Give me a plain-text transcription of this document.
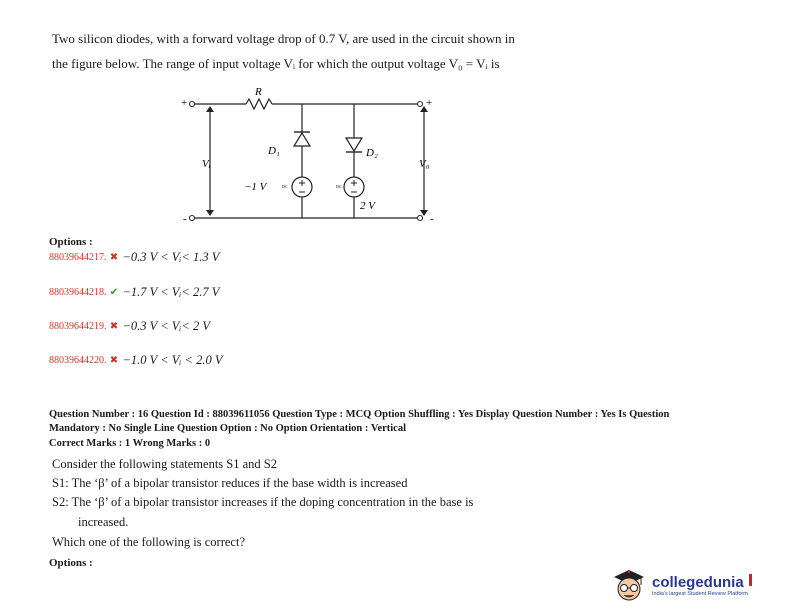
Two silicon diodes, with a forward voltage drop of 0.7 V, are used in the circuit shown in
the figure below. The range of input voltage Vᵢ for which the output voltage V₀ = Vᵢ is
R
+	+
-	-
Vᵢ	V₀
D₁	D₂
−1 V
2 V
DC	DC
Options :
88039644217. ✖ −0.3 V < Vᵢ< 1.3 V
88039644218. ✔ −1.7 V < Vᵢ< 2.7 V
88039644219. ✖ −0.3 V < Vᵢ< 2 V
88039644220. ✖ −1.0 V < Vᵢ < 2.0 V
Question Number : 16 Question Id : 88039611056 Question Type : MCQ Option Shuffling : Yes Display Question Number : Yes Is Question
Mandatory : No Single Line Question Option : No Option Orientation : Vertical
Correct Marks : 1 Wrong Marks : 0
Consider the following statements S1 and S2
S1: The ‘β’ of a bipolar transistor reduces if the base width is increased
S2: The ‘β’ of a bipolar transistor increases if the doping concentration in the base is
increased.
Which one of the following is correct?
Options :
collegedunia
India's largest Student Review Platform
